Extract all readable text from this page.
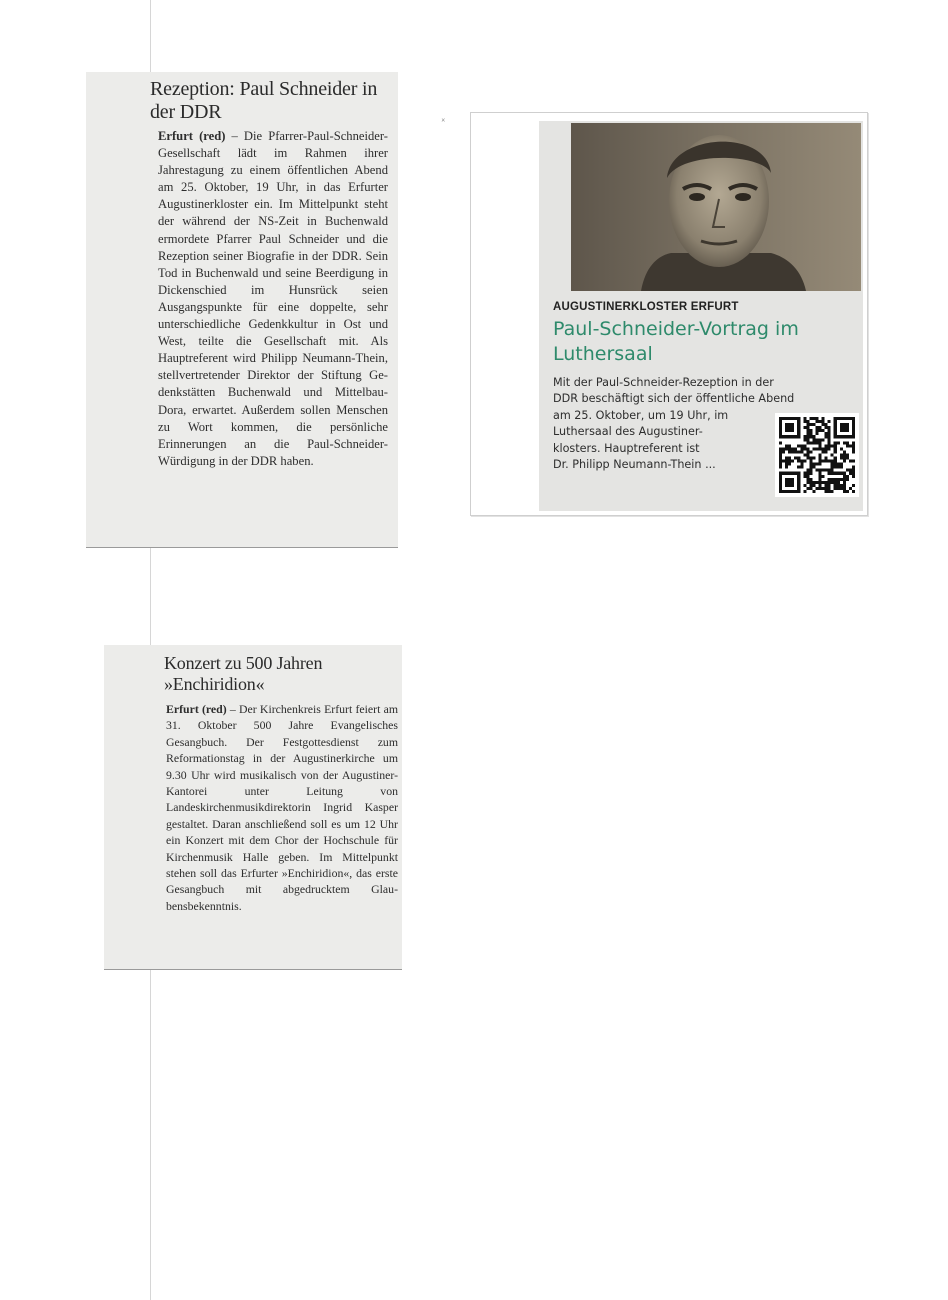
Rezeption: Paul Schneider in der DDR

Erfurt (red) – Die Pfarrer-Paul-Schneider-Gesellschaft lädt im Rahmen ihrer Jahrestagung zu einem öffentlichen Abend am 25. Oktober, 19 Uhr, in das Erfurter Augustinerkloster ein. Im Mittelpunkt steht der während der NS-Zeit in Buchenwald ermordete Pfarrer Paul Schneider und die Rezeption seiner Biografie in der DDR. Sein Tod in Buchenwald und seine Beerdigung in Dickenschied im Hunsrück seien Ausgangspunkte für eine doppelte, sehr unterschiedliche Gedenkkultur in Ost und West, teilte die Gesellschaft mit. Als Hauptreferent wird Philipp Neumann-Thein, stellvertretender Direktor der Stiftung Gedenkstätten Buchenwald und Mittelbau-Dora, erwartet. Außerdem sollen Menschen zu Wort kommen, die persönliche Erinnerungen an die Paul-Schneider-Würdigung in der DDR haben.

ˣ
AUGUSTINERKLOSTER ERFURT
Paul-Schneider-Vortrag im Luthersaal

Mit der Paul-Schneider-Rezeption in der
DDR beschäftigt sich der öffentliche Abend
am 25. Oktober, um 19 Uhr, im
Luthersaal des Augustiner-
klosters. Hauptreferent ist
Dr. Philipp Neumann-Thein ...

Konzert zu 500 Jahren »Enchiridion«

Erfurt (red) – Der Kirchenkreis Erfurt feiert am 31. Oktober 500 Jahre Evangelisches Gesangbuch. Der Festgottesdienst zum Reformationstag in der Augustinerkirche um 9.30 Uhr wird musikalisch von der Augustiner-Kantorei unter Leitung von Landeskirchenmusikdirektorin Ingrid Kasper gestaltet. Daran anschließend soll es um 12 Uhr ein Konzert mit dem Chor der Hochschule für Kirchenmusik Halle geben. Im Mittelpunkt stehen soll das Erfurter »Enchiridion«, das erste Gesangbuch mit abgedrucktem Glaubensbekenntnis.
